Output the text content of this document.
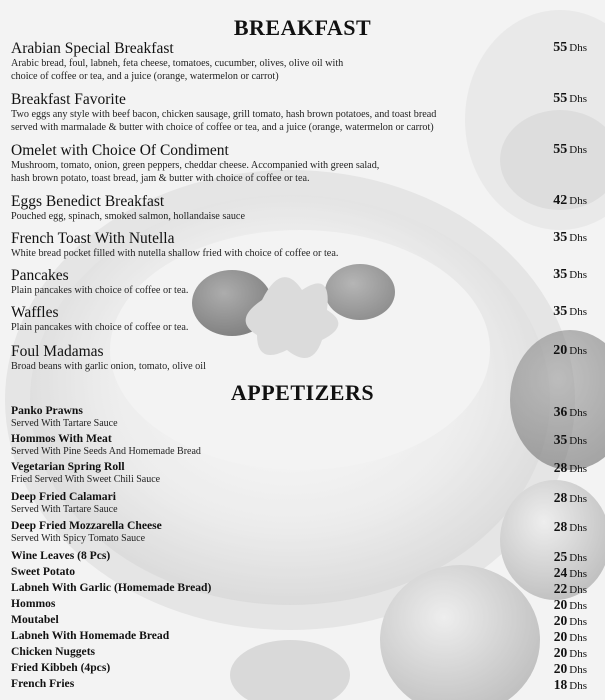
BREAKFAST
Arabian Special Breakfast
Arabic bread, foul, labneh, feta cheese, tomatoes, cucumber, olives, olive oil with
choice of coffee or tea, and a juice (orange, watermelon or carrot)
55 Dhs
Breakfast Favorite
Two eggs any style with beef bacon, chicken sausage, grill tomato, hash brown potatoes, and toast bread
served with marmalade & butter with choice of coffee or tea, and a juice (orange, watermelon or carrot)
55 Dhs
Omelet with Choice Of Condiment
Mushroom, tomato, onion, green peppers, cheddar cheese. Accompanied with green salad,
hash brown potato, toast bread, jam & butter with choice of coffee or tea.
55 Dhs
Eggs Benedict Breakfast
Pouched egg, spinach, smoked salmon, hollandaise sauce
42 Dhs
French Toast With Nutella
White bread pocket filled with nutella shallow fried with choice of coffee or tea.
35 Dhs
Pancakes
Plain pancakes with choice of coffee or tea.
35 Dhs
Waffles
Plain pancakes with choice of coffee or tea.
35 Dhs
Foul Madamas
Broad beans with garlic onion, tomato, olive oil
20 Dhs
APPETIZERS
Panko Prawns
Served With Tartare Sauce
36 Dhs
Hommos With Meat
Served With Pine Seeds And Homemade Bread
35 Dhs
Vegetarian Spring Roll
Fried Served With Sweet Chili Sauce
28 Dhs
Deep Fried Calamari
Served With Tartare Sauce
28 Dhs
Deep Fried Mozzarella Cheese
Served With Spicy Tomato Sauce
28 Dhs
Wine Leaves (8 Pcs)	25 Dhs
Sweet Potato	24 Dhs
Labneh With Garlic (Homemade Bread)	22 Dhs
Hommos	20 Dhs
Moutabel	20 Dhs
Labneh With Homemade Bread	20 Dhs
Chicken Nuggets	20 Dhs
Fried Kibbeh (4pcs)	20 Dhs
French Fries	18 Dhs
